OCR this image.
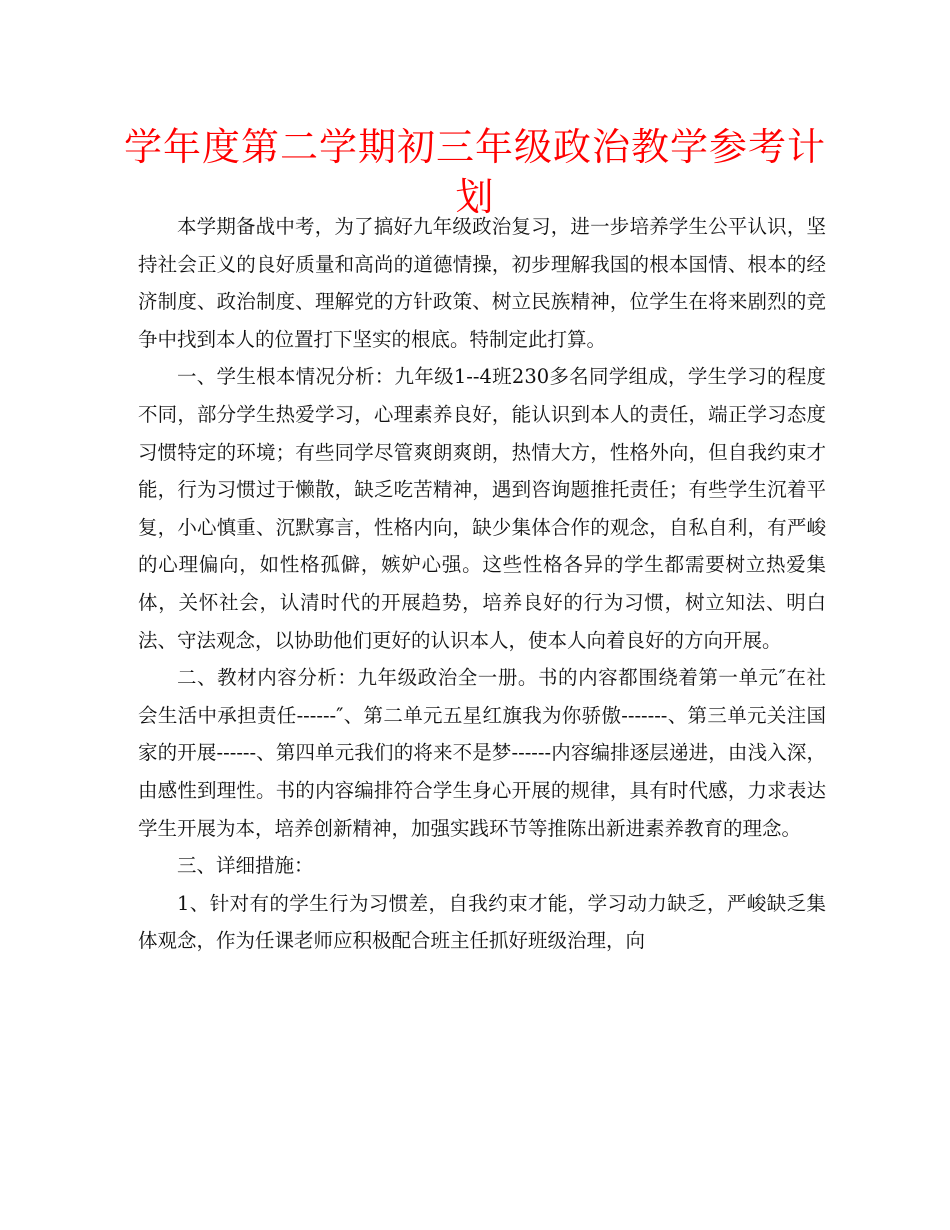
学年度第二学期初三年级政治教学参考计划

本学期备战中考，为了搞好九年级政治复习，进一步培养学生公平认识，坚持社会正义的良好质量和高尚的道德情操，初步理解我国的根本国情、根本的经济制度、政治制度、理解党的方针政策、树立民族精神，位学生在将来剧烈的竞争中找到本人的位置打下坚实的根底。特制定此打算。

一、学生根本情况分析：九年级1--4班230多名同学组成，学生学习的程度不同，部分学生热爱学习，心理素养良好，能认识到本人的责任，端正学习态度习惯特定的环境；有些同学尽管爽朗爽朗，热情大方，性格外向，但自我约束才能，行为习惯过于懒散，缺乏吃苦精神，遇到咨询题推托责任；有些学生沉着平复，小心慎重、沉默寡言，性格内向，缺少集体合作的观念，自私自利，有严峻的心理偏向，如性格孤僻，嫉妒心强。这些性格各异的学生都需要树立热爱集体，关怀社会，认清时代的开展趋势，培养良好的行为习惯，树立知法、明白法、守法观念，以协助他们更好的认识本人，使本人向着良好的方向开展。

二、教材内容分析：九年级政治全一册。书的内容都围绕着第一单元″在社会生活中承担责任------″、第二单元五星红旗我为你骄傲-------、第三单元关注国家的开展------、第四单元我们的将来不是梦------内容编排逐层递进，由浅入深，由感性到理性。书的内容编排符合学生身心开展的规律，具有时代感，力求表达学生开展为本，培养创新精神，加强实践环节等推陈出新进素养教育的理念。

三、详细措施：

1、针对有的学生行为习惯差，自我约束才能，学习动力缺乏，严峻缺乏集体观念，作为任课老师应积极配合班主任抓好班级治理，向
